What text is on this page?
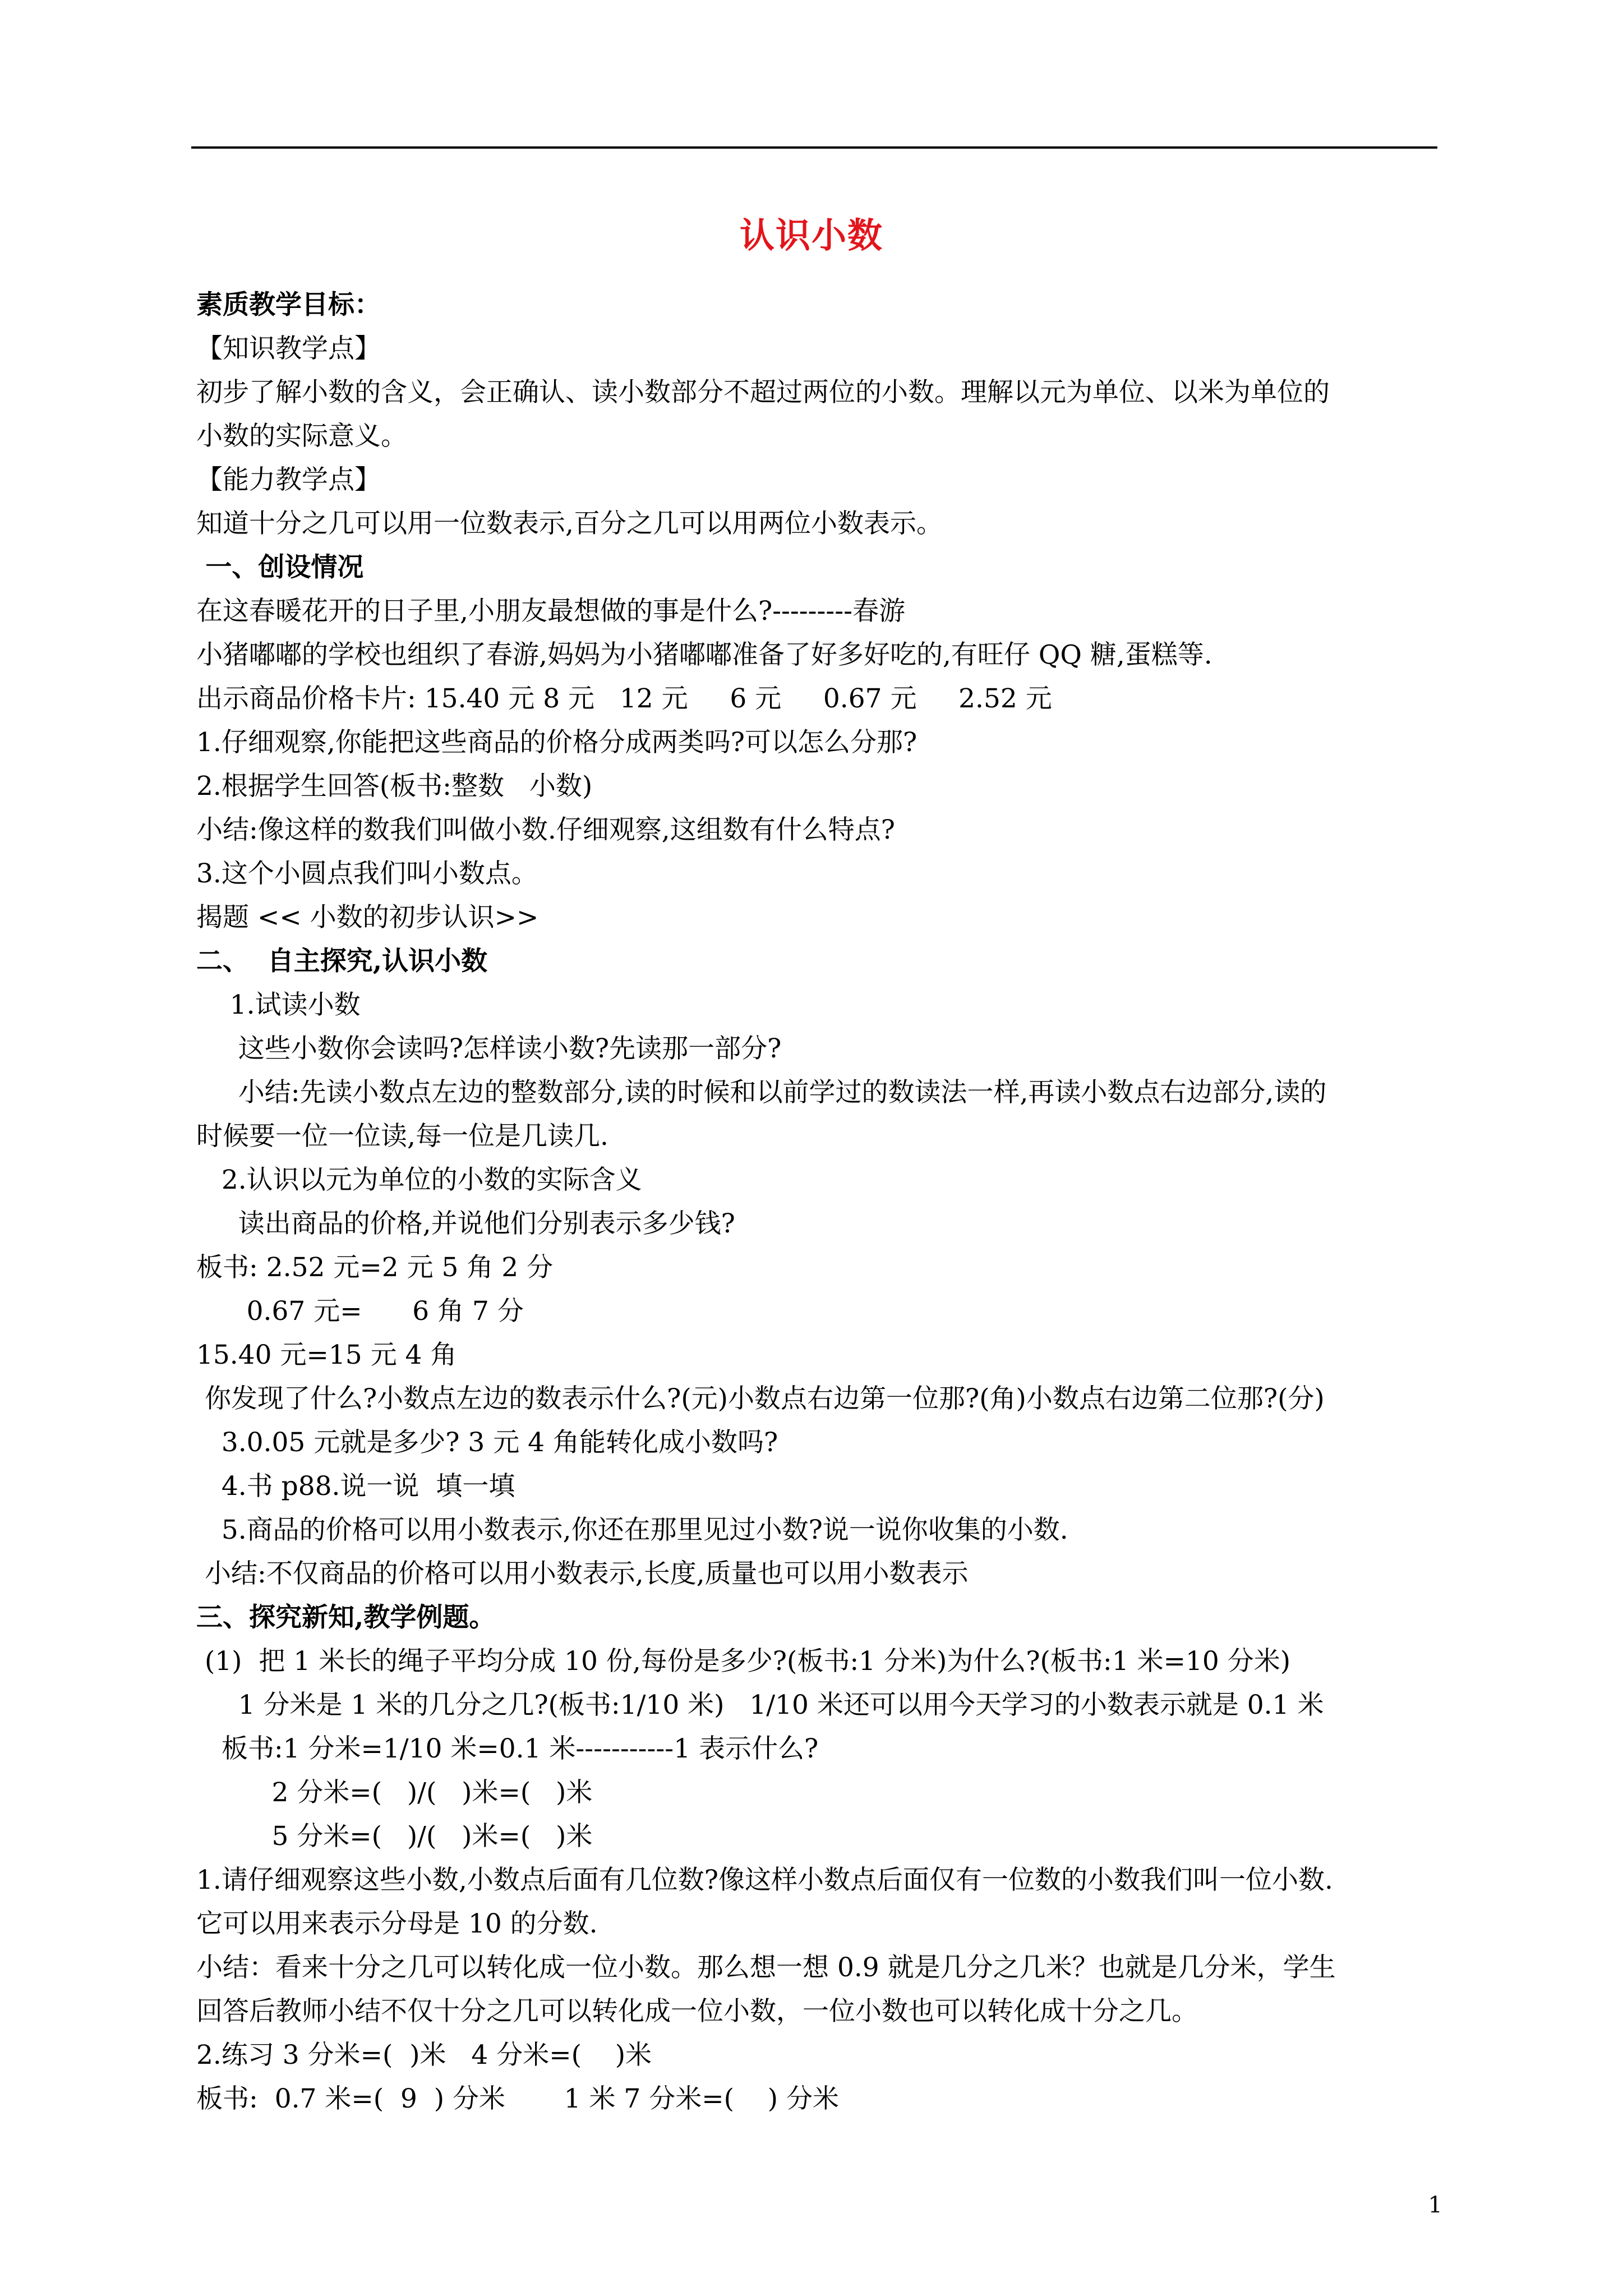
认识小数

素质教学目标：

【知识教学点】

初步了解小数的含义，会正确认、读小数部分不超过两位的小数。理解以元为单位、以米为单位的

小数的实际意义。

【能力教学点】

知道十分之几可以用一位数表示,百分之几可以用两位小数表示。

一、创设情况

在这春暖花开的日子里,小朋友最想做的事是什么?---------春游

小猪嘟嘟的学校也组织了春游,妈妈为小猪嘟嘟准备了好多好吃的,有旺仔 QQ 糖,蛋糕等.

出示商品价格卡片: 15.40 元 8 元   12 元     6 元     0.67 元     2.52 元

1.仔细观察,你能把这些商品的价格分成两类吗?可以怎么分那?

2.根据学生回答(板书:整数   小数)

小结:像这样的数我们叫做小数.仔细观察,这组数有什么特点?

3.这个小圆点我们叫小数点。

揭题 << 小数的初步认识>>

二、  自主探究,认识小数

1.试读小数

这些小数你会读吗?怎样读小数?先读那一部分?

小结:先读小数点左边的整数部分,读的时候和以前学过的数读法一样,再读小数点右边部分,读的

时候要一位一位读,每一位是几读几.

2.认识以元为单位的小数的实际含义

读出商品的价格,并说他们分别表示多少钱?

板书: 2.52 元=2 元 5 角 2 分

0.67 元=      6 角 7 分

15.40 元=15 元 4 角

你发现了什么?小数点左边的数表示什么?(元)小数点右边第一位那?(角)小数点右边第二位那?(分)

3.0.05 元就是多少? 3 元 4 角能转化成小数吗?

4.书 p88.说一说  填一填

5.商品的价格可以用小数表示,你还在那里见过小数?说一说你收集的小数.

小结:不仅商品的价格可以用小数表示,长度,质量也可以用小数表示

三、探究新知,教学例题。

(1)  把 1 米长的绳子平均分成 10 份,每份是多少?(板书:1 分米)为什么?(板书:1 米=10 分米)

1 分米是 1 米的几分之几?(板书:1/10 米)   1/10 米还可以用今天学习的小数表示就是 0.1 米

板书:1 分米=1/10 米=0.1 米-----------1 表示什么?

2 分米=(   )/(   )米=(   )米

5 分米=(   )/(   )米=(   )米

1.请仔细观察这些小数,小数点后面有几位数?像这样小数点后面仅有一位数的小数我们叫一位小数.

它可以用来表示分母是 10 的分数.

小结：看来十分之几可以转化成一位小数。那么想一想 0.9 就是几分之几米？也就是几分米，学生

回答后教师小结不仅十分之几可以转化成一位小数，一位小数也可以转化成十分之几。

2.练习 3 分米=(  )米   4 分米=(    )米

板书:  0.7 米=(  9  ) 分米       1 米 7 分米=(    ) 分米

1
